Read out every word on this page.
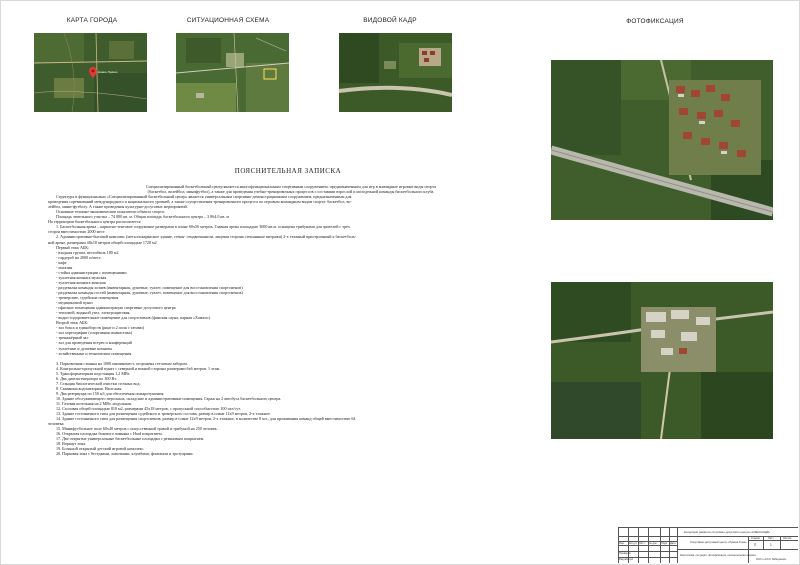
КАРТА ГОРОДА	СИТУАЦИОННАЯ СХЕМА	ВИДОВОЙ КАДР	ФОТОФИКСАЦИЯ
Новое Лукино
ПОЯСНИТЕЛЬНАЯ ЗАПИСКА

Специализированный баскетбольный центр является многофункциональным спортивным сооружением, предназначенным для игр в командные игровые виды спорта

(баскетбол, волейбол, минифутбол), а также для проведения учебно-тренировочных процессов с составами взрослой и молодежной команды баскетбольного клуба.

Структура и функционально «Специализированный баскетбольный центр» является универсальным спортивно-демонстрационным сооружением, предназначенным для

проведения соревнований международного и национального уровней, а также осуществления тренировочного процесса по игровым командным видам спорта: баскетбол, во-

лейбол, мини-футболу. А также проведения культурно-досуговых мероприятий.

Основные технико-экономические показатели объекта спорта:

Площадь земельного участка – 74 000 кв. м. Общая площадь баскетбольного центра – 3 864.0 кв. м

На территории баскетбольного центра располагается

1. Баскетбольная арена – каркасно-тентовое сооружение размерами в плане 60х50 метров. Главная арена площадью 3000 кв.м. оснащена трибунами для зрителей с трёх

сторон вместимостью 2000 мест

2. Административно-бытовой комплекс (металлокаркасное здание, стены- сендвичпанели, лицевая сторона стеклянные витражи) 2-х этажный пристроенный к баскетболь-

ной арене, размерами 48х18 метров общей площадью 1728 м2

Первый этаж АБК:

- входная группа, вестибюль 180 м2

- гардероб на 2000 п/мест.

- кафе

- магазин

- стойка администрации с помещениями

- туалетная комната мужская

- туалетная комната женская

- раздевалка команды хозяев (инвентарная, душевые, туалет, помещение для восстановления спортсменов)

- раздевалка команды гостей (инвентарная, душевые, туалет, помещение для восстановления спортсменов)

- тренерские, судейские помещения

- медицинский пункт

- офисные помещения администрации спортивно-досугового центра

- тепловой, водяной узел, электрощитовая.

- водно-оздоровительное помещение для спортсменов (финская сауна, парная «Хамам»)

Второй этаж АБК:

- зал бокса и единоборств (ринг и 2 поля с татами)

- зал хореографии (спортивная гимнастика)

- тренажёрный зал

- зал для проведения встреч и конференций

- туалетные и душевые комнаты

- хозяйственные и технические помещения.

3. Парковочная стоянка на 1000 машиномест, огорожена сетчатым забором.

4. Контрольно-пропускной пункт с северной и южной стороны размерами 6х6 метров. 1 этаж.

5. Трансформаторная подстанция 1,2 МВт.

6. Два дизельгенератора по 300 Вт.

7. Станция биологической очистки сточных вод.

8. Скважина водонапорная. Насосная.

9. Два резервуара по 150 м3 для обеспечения пожаротушения.

10. Здание обслуживающего персонала, складские и административные помещения. Гараж на 2 автобуса баскетбольного центра.

11. Газовая котельная на 2 МВт, модульная.

12. Столовая общей площадью 810 м2, размерами 45х18 метров, с пропускной способностью 100 чел/сут.

13. Здание гостиничного типа для размещения судейского и тренерского состава, размер в плане 12х9 метров, 2-х этажное.

14. Здание гостиничного типа для размещения спортсменов, размер в плане 12х9 метров, 2-х этажное, в количестве 8 шт., для проживания команд общей вместимостью 64

человека.

15. Минифутбольное поле 60х40 метров с искусственной травой и трибуной на 250 человек.

16. Открытая площадка бокового зимняка с Hard покрытием.

17. Две открытые универсальные баскетбольные площадки с резиновым покрытием.

18. Воркаут зона.

19. Большой открытый детский игровой комплекс.

20. Парковая зона с беседками, лавочками, клумбами, фонтаном и тротуарами.

Изм. Кол.уч Лист № док. Подп. Дата
Проверил
Разработал
Концепция развития спортивно-досугового центра «АЛЕКСАНДР»
Спортивно-досуговый центр «Лукина Гора»
Картосхема, ситуация, фотофиксация, пояснительная записка
Стадия	Лист	Листов
П	1
ООО «ССС Заборный»
